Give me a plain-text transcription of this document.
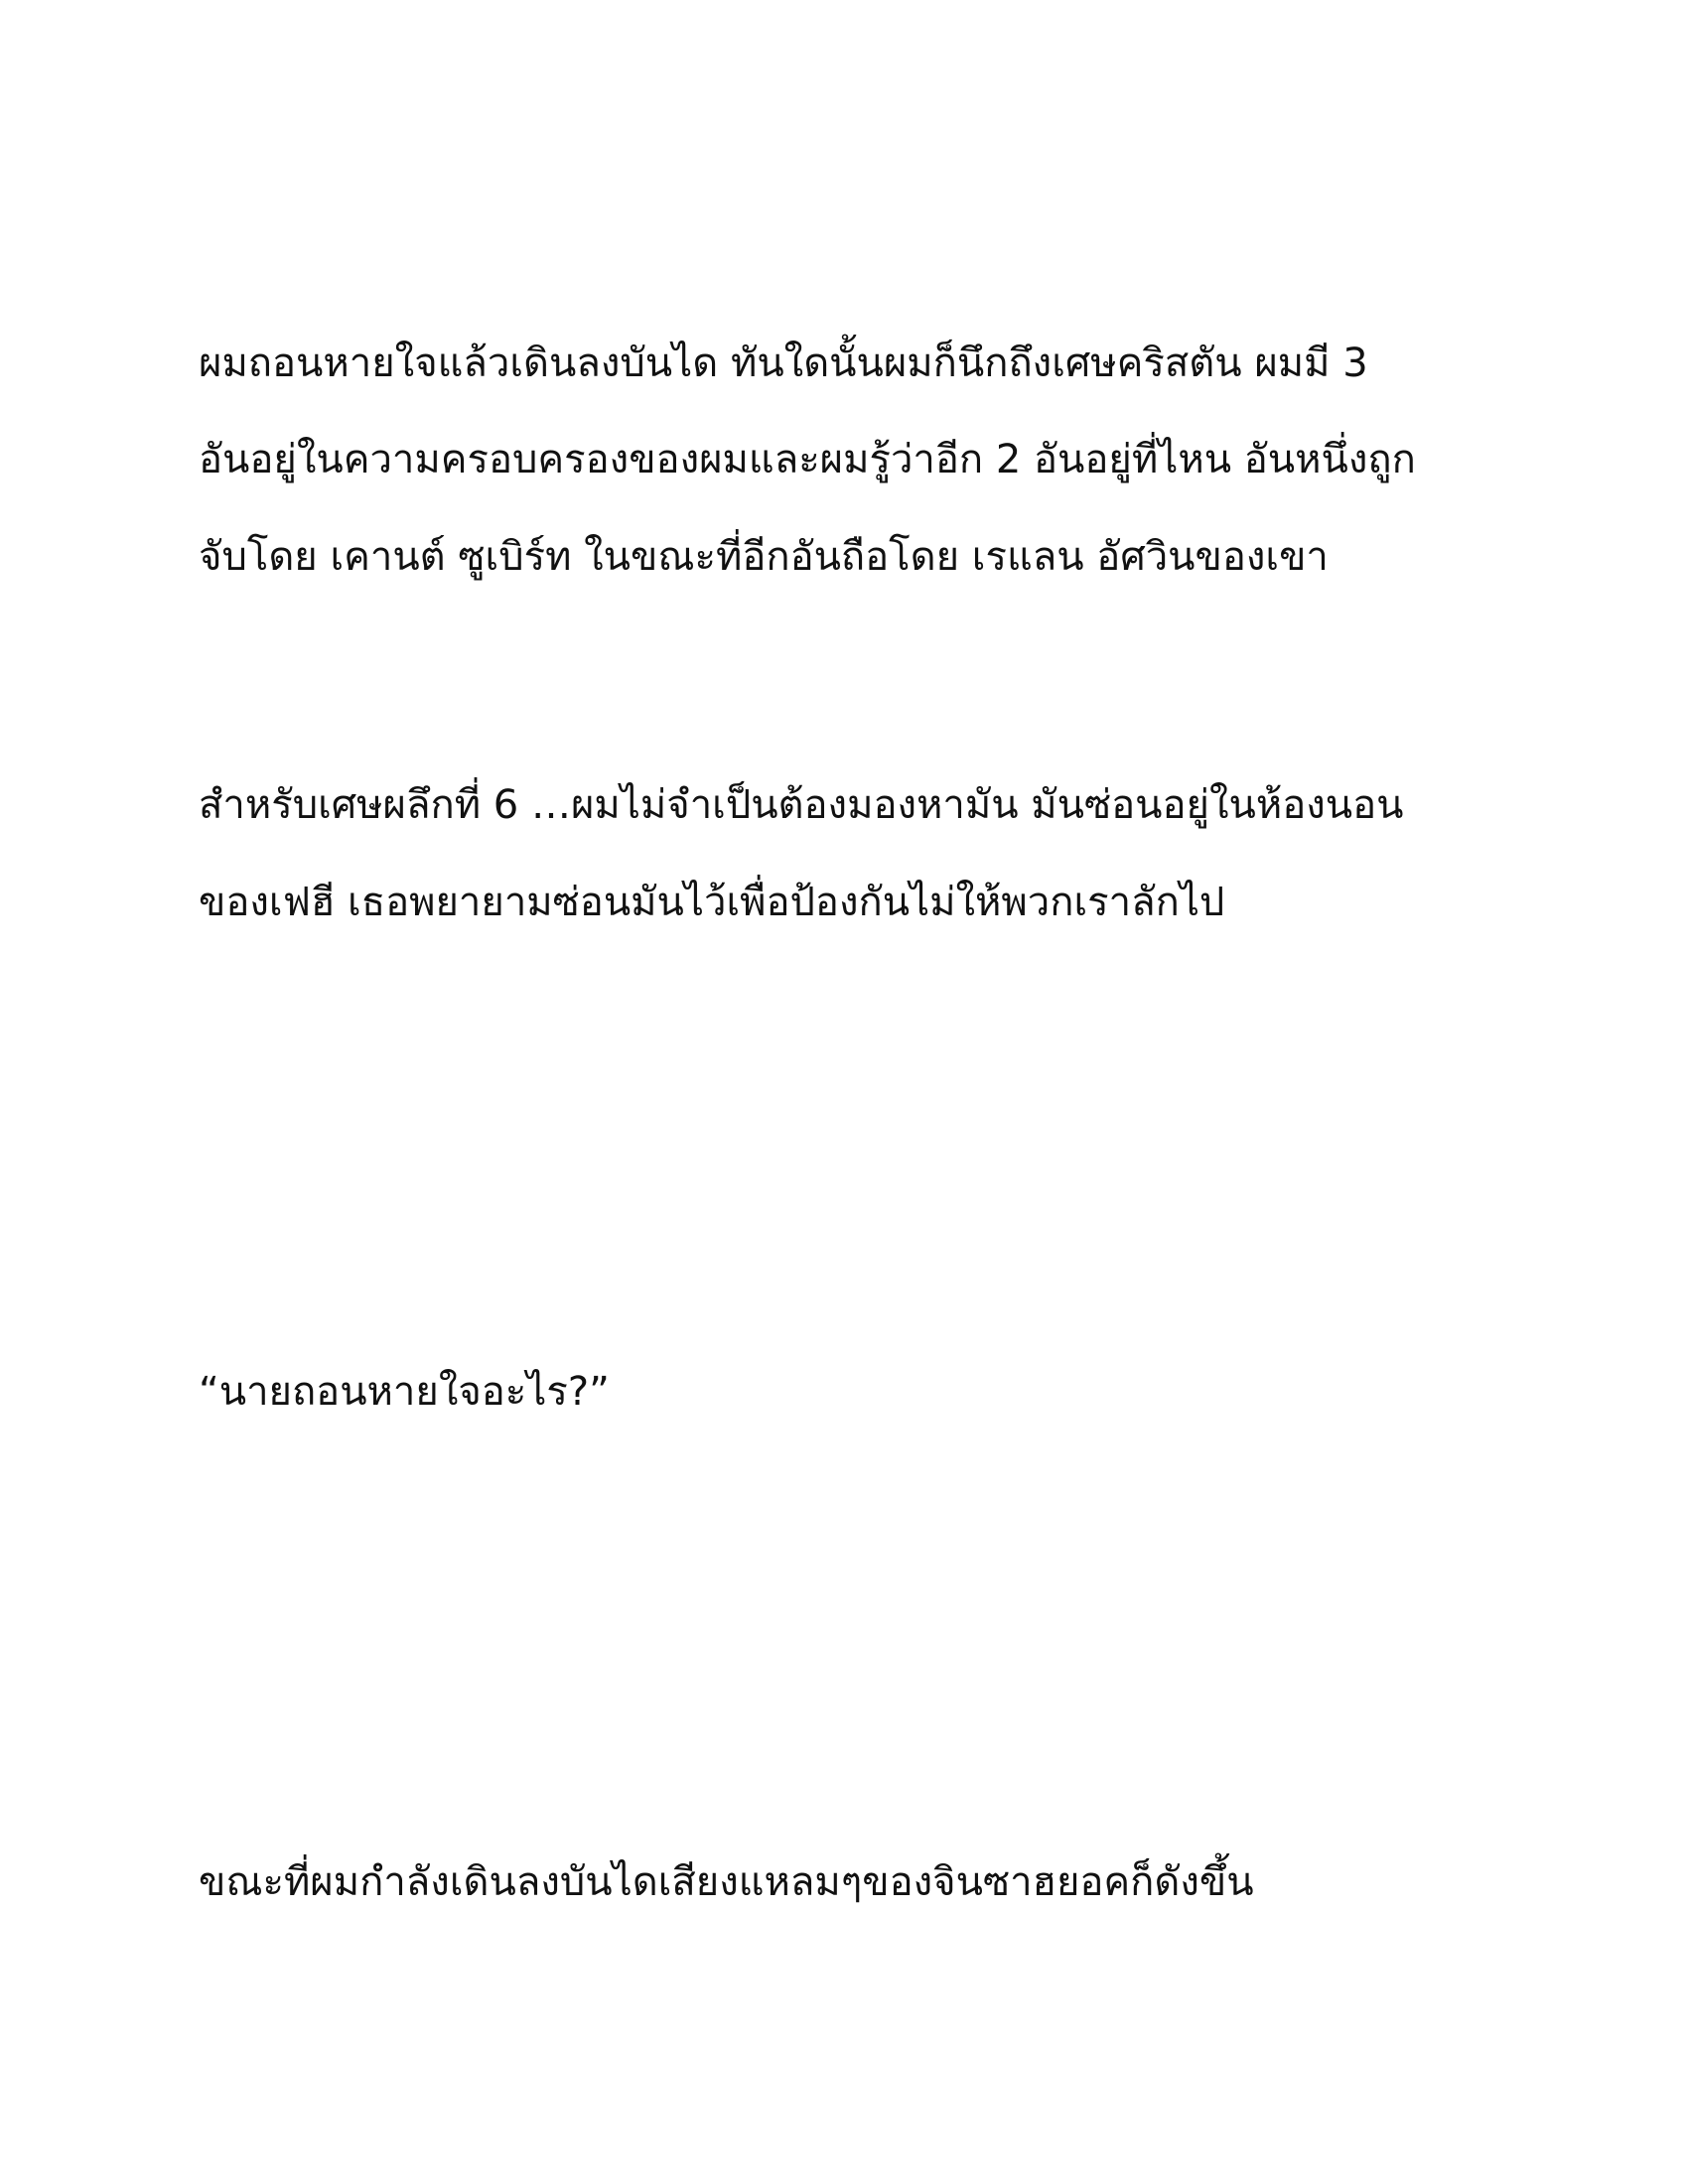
ผมถอนหายใจแล้วเดินลงบันได ทันใดนั้นผมก็นึกถึงเศษคริสตัน ผมมี 3
อันอยู่ในความครอบครองของผมและผมรู้ว่าอีก 2 อันอยู่ที่ไหน อันหนึ่งถูก
จับโดย เคานต์ ซูเบิร์ท ในขณะที่อีกอันถือโดย เรแลน อัศวินของเขา
สำหรับเศษผลึกที่ 6 …ผมไม่จำเป็นต้องมองหามัน มันซ่อนอยู่ในห้องนอน
ของเฟฮี เธอพยายามซ่อนมันไว้เพื่อป้องกันไม่ให้พวกเราลักไป
“นายถอนหายใจอะไร?”
ขณะที่ผมกำลังเดินลงบันไดเสียงแหลมๆของจินซาฮยอคก็ดังขึ้น
